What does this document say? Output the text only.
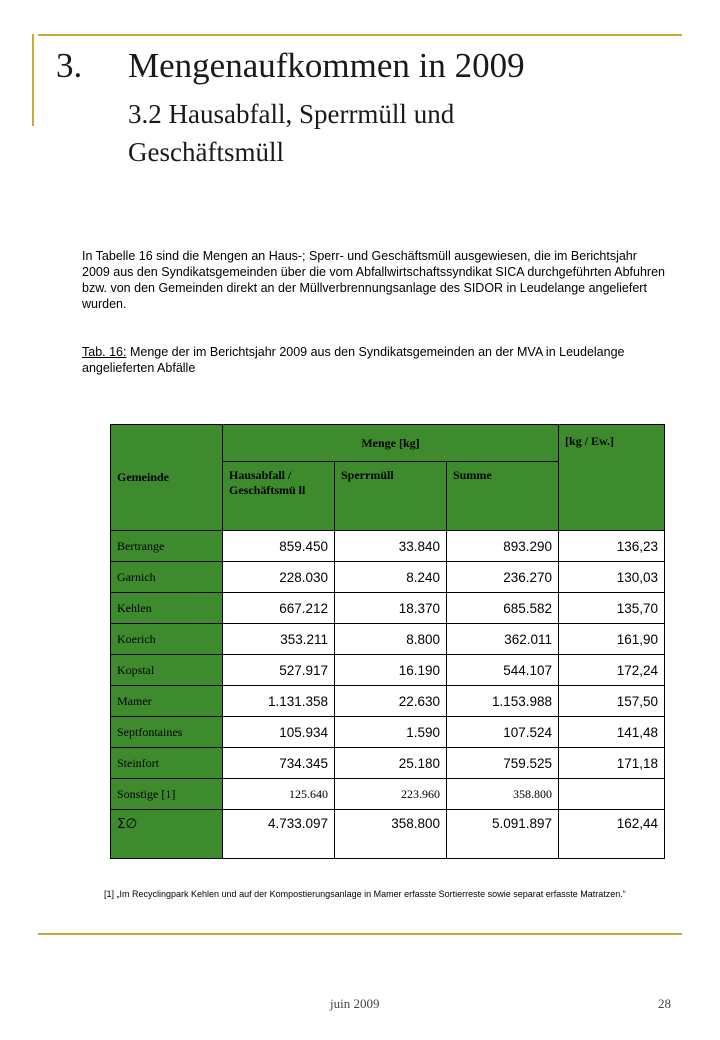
3. Mengenaufkommen in 2009
3.2 Hausabfall, Sperrmüll und Geschäftsmüll
In Tabelle 16 sind die Mengen an Haus-; Sperr- und Geschäftsmüll ausgewiesen, die im Berichtsjahr 2009 aus den Syndikatsgemeinden über die vom Abfallwirtschaftssyndikat SICA durchgeführten Abfuhren bzw. von den Gemeinden direkt an der Müllverbrennungsanlage des SIDOR in Leudelange angeliefert wurden.
Tab. 16: Menge der im Berichtsjahr 2009 aus den Syndikatsgemeinden an der MVA in Leudelange angelieferten Abfälle
Gemeinde	Menge [kg]			[kg / Ew.]
	Hausabfall / Geschäftsmü ll	Sperrmüll	Summe	
Bertrange	859.450	33.840	893.290	136,23
Garnich	228.030	8.240	236.270	130,03
Kehlen	667.212	18.370	685.582	135,70
Koerich	353.211	8.800	362.011	161,90
Kopstal	527.917	16.190	544.107	172,24
Mamer	1.131.358	22.630	1.153.988	157,50
Septfontaines	105.934	1.590	107.524	141,48
Steinfort	734.345	25.180	759.525	171,18
Sonstige [1]	125.640	223.960	358.800	
Σ∅	4.733.097	358.800	5.091.897	162,44
[1] „Im Recyclingpark Kehlen und auf der Kompostierungsanlage in Mamer erfasste Sortierreste sowie separat erfasste Matratzen.“
juin 2009	28
